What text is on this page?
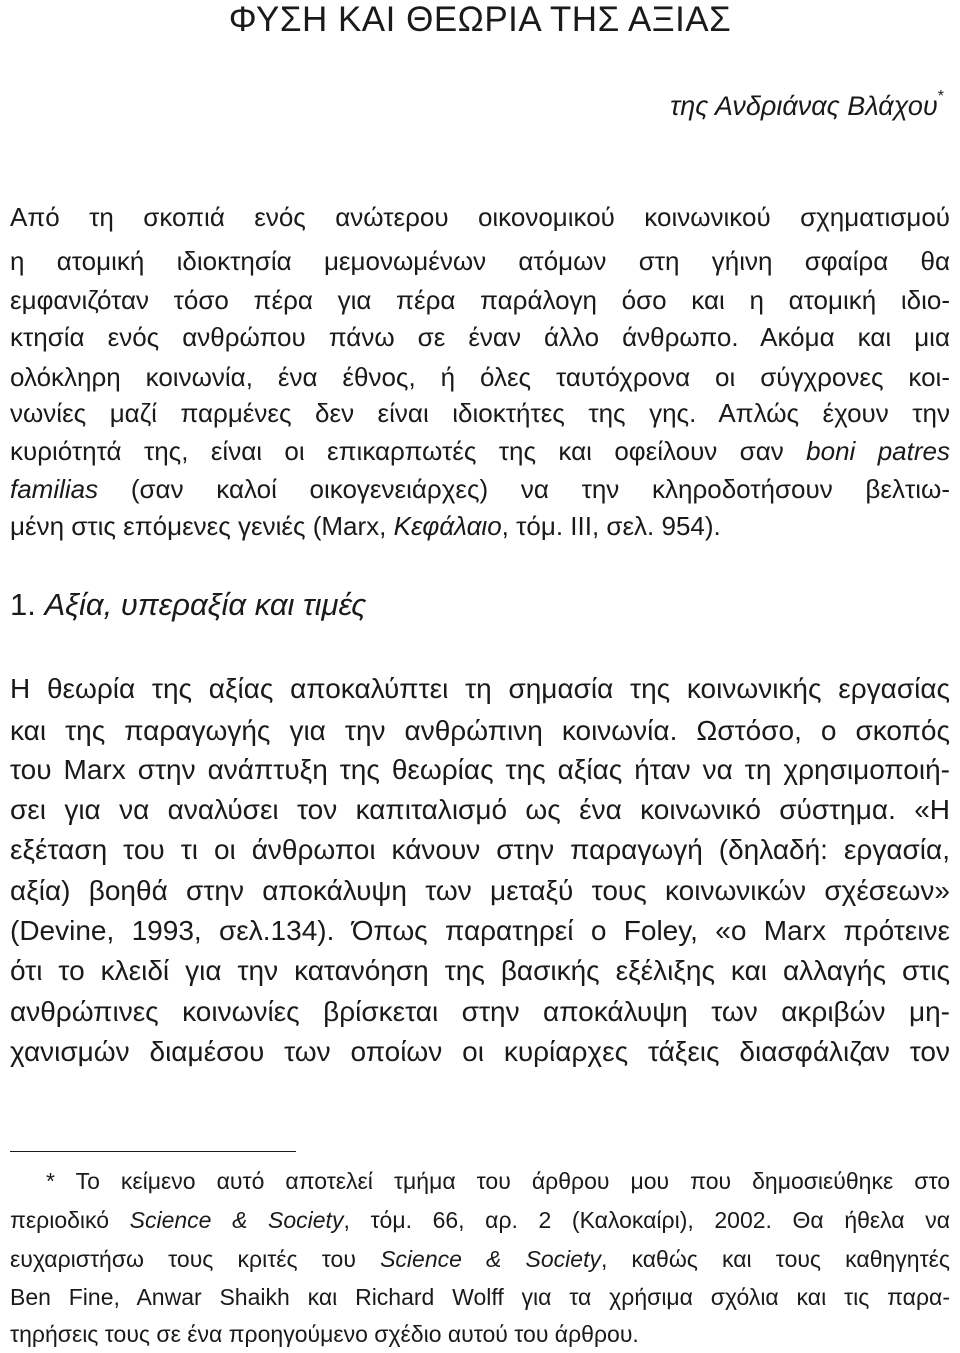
ΦΥΣΗ ΚΑΙ ΘΕΩΡΙΑ ΤΗΣ ΑΞΙΑΣ
της Ανδριάνας Βλάχου*
Από τη σκοπιά ενός ανώτερου οικονομικού κοινωνικού σχηματισμού
η ατομική ιδιοκτησία μεμονωμένων ατόμων στη γήινη σφαίρα θα
εμφανιζόταν τόσο πέρα για πέρα παράλογη όσο και η ατομική ιδιο-
κτησία ενός ανθρώπου πάνω σε έναν άλλο άνθρωπο. Ακόμα και μια
ολόκληρη κοινωνία, ένα έθνος, ή όλες ταυτόχρονα οι σύγχρονες κοι-
νωνίες μαζί παρμένες δεν είναι ιδιοκτήτες της γης. Απλώς έχουν την
κυριότητά της, είναι οι επικαρπωτές της και οφείλουν σαν boni patres
familias (σαν καλοί οικογενειάρχες) να την κληροδοτήσουν βελτιω-
μένη στις επόμενες γενιές (Marx, Κεφάλαιο, τόμ. ΙΙΙ, σελ. 954).
1. Αξία, υπεραξία και τιμές
Η θεωρία της αξίας αποκαλύπτει τη σημασία της κοινωνικής εργασίας
και της παραγωγής για την ανθρώπινη κοινωνία. Ωστόσο, ο σκοπός
του Marx στην ανάπτυξη της θεωρίας της αξίας ήταν να τη χρησιμοποιή-
σει για να αναλύσει τον καπιταλισμό ως ένα κοινωνικό σύστημα. «Η
εξέταση του τι οι άνθρωποι κάνουν στην παραγωγή (δηλαδή: εργασία,
αξία) βοηθά στην αποκάλυψη των μεταξύ τους κοινωνικών σχέσεων»
(Devine, 1993, σελ.134). Όπως παρατηρεί ο Foley, «ο Marx πρότεινε
ότι το κλειδί για την κατανόηση της βασικής εξέλιξης και αλλαγής στις
ανθρώπινες κοινωνίες βρίσκεται στην αποκάλυψη των ακριβών μη-
χανισμών διαμέσου των οποίων οι κυρίαρχες τάξεις διασφάλιζαν τον
* Το κείμενο αυτό αποτελεί τμήμα του άρθρου μου που δημοσιεύθηκε στο
περιοδικό Science & Society, τόμ. 66, αρ. 2 (Καλοκαίρι), 2002. Θα ήθελα να
ευχαριστήσω τους κριτές του Science & Society, καθώς και τους καθηγητές
Ben Fine, Anwar Shaikh και Richard Wolff για τα χρήσιμα σχόλια και τις παρα-
τηρήσεις τους σε ένα προηγούμενο σχέδιο αυτού του άρθρου.
